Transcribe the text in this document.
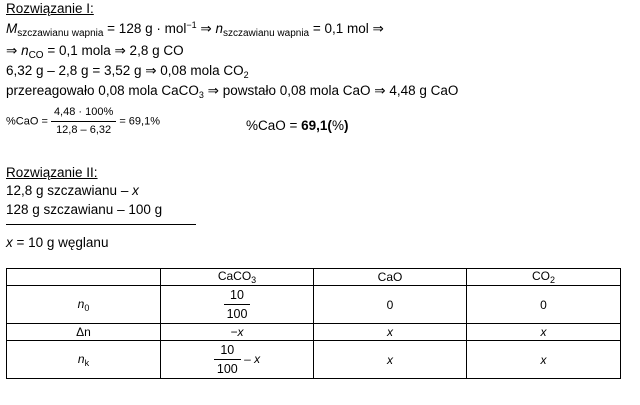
Rozwiązanie I:
$M_{szczawianu wapnia} = 128$ g · mol$^{-1}$ ⇒ $n_{szczawianu wapnia} = 0,1$ mol ⇒
⇒ $n_{CO} = 0,1$ mola ⇒ 2,8 g CO
6,32 g – 2,8 g = 3,52 g ⇒ 0,08 mola $CO_2$
przereagowało 0,08 mola CaCO$_3$ ⇒ powstało 0,08 mola CaO ⇒ 4,48 g CaO
$\%CaO = \frac{4,48 \cdot 100\%}{12,8 - 6,32} = 69,1\%$	%CaO = 69,1(%)
Rozwiązanie II:
12,8 g szczawianu – x
128 g szczawianu – 100 g
x = 10 g węglanu
	CaCO$_3$	CaO	$CO_2$
$n_0$	$\frac{10}{100}$	0	0
Δn	−x	x	x
$n_k$	$\frac{10}{100}$ – x	x	x
